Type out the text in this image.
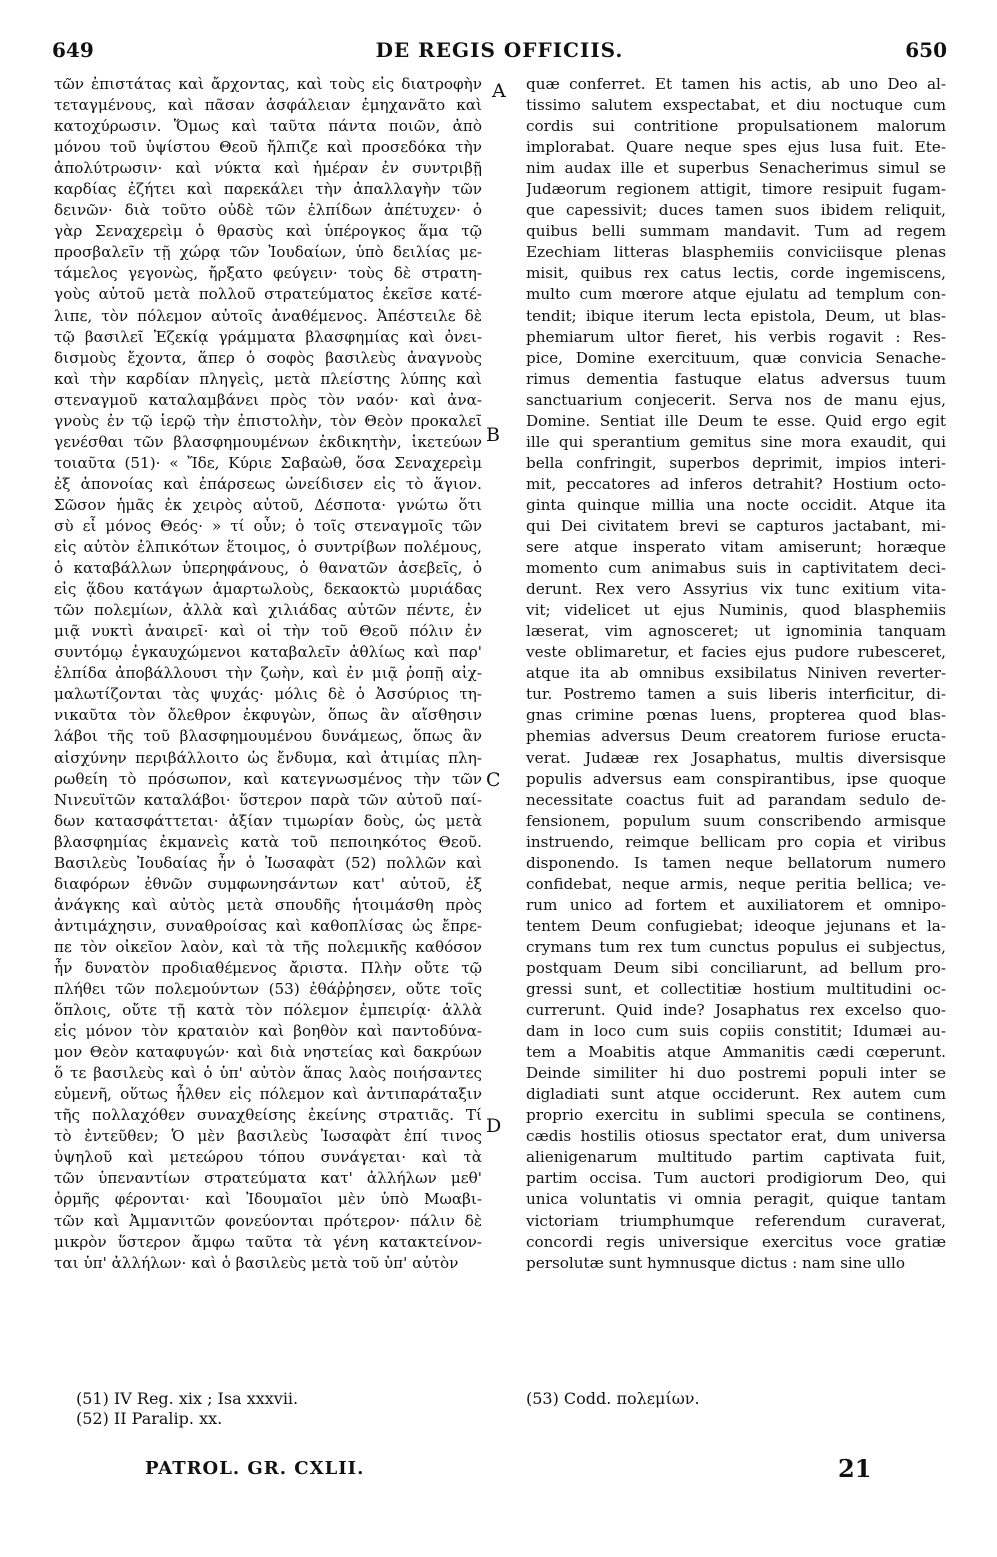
649	DE REGIS OFFICIIS.	650
τῶν ἐπιστάτας καὶ ἄρχοντας, καὶ τοὺς εἰς διατροφὴν
τεταγμένους, καὶ πᾶσαν ἀσφάλειαν ἐμηχανᾶτο καὶ
κατοχύρωσιν. Ὅμως καὶ ταῦτα πάντα ποιῶν, ἀπὸ
μόνου τοῦ ὑψίστου Θεοῦ ἤλπιζε καὶ προσεδόκα τὴν
ἀπολύτρωσιν· καὶ νύκτα καὶ ἡμέραν ἐν συντριβῇ
καρδίας ἐζήτει καὶ παρεκάλει τὴν ἀπαλλαγὴν τῶν
δεινῶν· διὰ τοῦτο οὐδὲ τῶν ἐλπίδων ἀπέτυχεν· ὁ
γὰρ Σεναχερεὶμ ὁ θρασὺς καὶ ὑπέρογκος ἅμα τῷ
προσβαλεῖν τῇ χώρᾳ τῶν Ἰουδαίων, ὑπὸ δειλίας με-
τάμελος γεγονὼς, ἤρξατο φεύγειν· τοὺς δὲ στρατη-
γοὺς αὐτοῦ μετὰ πολλοῦ στρατεύματος ἐκεῖσε κατέ-
λιπε, τὸν πόλεμον αὐτοῖς ἀναθέμενος. Ἀπέστειλε δὲ
τῷ βασιλεῖ Ἐζεκίᾳ γράμματα βλασφημίας καὶ ὀνει-
δισμοὺς ἔχοντα, ἅπερ ὁ σοφὸς βασιλεὺς ἀναγνοὺς
καὶ τὴν καρδίαν πληγεὶς, μετὰ πλείστης λύπης καὶ
στεναγμοῦ καταλαμβάνει πρὸς τὸν ναόν· καὶ ἀνα-
γνοὺς ἐν τῷ ἱερῷ τὴν ἐπιστολὴν, τὸν Θεὸν προκαλεῖ
γενέσθαι τῶν βλασφημουμένων ἐκδικητὴν, ἱκετεύων
τοιαῦτα (51)· « Ἴδε, Κύριε Σαβαὼθ, ὅσα Σεναχερεὶμ
ἐξ ἀπονοίας καὶ ἐπάρσεως ὠνείδισεν εἰς τὸ ἅγιον.
Σῶσον ἡμᾶς ἐκ χειρὸς αὐτοῦ, Δέσποτα· γνώτω ὅτι
σὺ εἶ μόνος Θεός· » τί οὖν; ὁ τοῖς στεναγμοῖς τῶν
εἰς αὐτὸν ἐλπικότων ἕτοιμος, ὁ συντρίβων πολέμους,
ὁ καταβάλλων ὑπερηφάνους, ὁ θανατῶν ἀσεβεῖς, ὁ
εἰς ᾅδου κατάγων ἁμαρτωλοὺς, δεκαοκτὼ μυριάδας
τῶν πολεμίων, ἀλλὰ καὶ χιλιάδας αὐτῶν πέντε, ἐν
μιᾷ νυκτὶ ἀναιρεῖ· καὶ οἱ τὴν τοῦ Θεοῦ πόλιν ἐν
συντόμῳ ἐγκαυχώμενοι καταβαλεῖν ἀθλίως καὶ παρ'
ἐλπίδα ἀποβάλλουσι τὴν ζωὴν, καὶ ἐν μιᾷ ῥοπῇ αἰχ-
μαλωτίζονται τὰς ψυχάς· μόλις δὲ ὁ Ἀσσύριος τη-
νικαῦτα τὸν ὄλεθρον ἐκφυγὼν, ὅπως ἂν αἴσθησιν
λάβοι τῆς τοῦ βλασφημουμένου δυνάμεως, ὅπως ἂν
αἰσχύνην περιβάλλοιτο ὡς ἔνδυμα, καὶ ἀτιμίας πλη-
ρωθείη τὸ πρόσωπον, καὶ κατεγνωσμένος τὴν τῶν
Νινευϊτῶν καταλάβοι· ὕστερον παρὰ τῶν αὐτοῦ παί-
δων κατασφάττεται· ἀξίαν τιμωρίαν δοὺς, ὡς μετὰ
βλασφημίας ἐκμανεὶς κατὰ τοῦ πεποιηκότος Θεοῦ.
Βασιλεὺς Ἰουδαίας ἦν ὁ Ἰωσαφὰτ (52) πολλῶν καὶ
διαφόρων ἐθνῶν συμφωνησάντων κατ' αὐτοῦ, ἐξ
ἀνάγκης καὶ αὐτὸς μετὰ σπουδῆς ἡτοιμάσθη πρὸς
ἀντιμάχησιν, συναθροίσας καὶ καθοπλίσας ὡς ἔπρε-
πε τὸν οἰκεῖον λαὸν, καὶ τὰ τῆς πολεμικῆς καθόσον
ἦν δυνατὸν προδιαθέμενος ἄριστα. Πλὴν οὔτε τῷ
πλήθει τῶν πολεμούντων (53) ἐθάῤῥησεν, οὔτε τοῖς
ὅπλοις, οὔτε τῇ κατὰ τὸν πόλεμον ἐμπειρίᾳ· ἀλλὰ
εἰς μόνον τὸν κραταιὸν καὶ βοηθὸν καὶ παντοδύνα-
μον Θεὸν καταφυγών· καὶ διὰ νηστείας καὶ δακρύων
ὅ τε βασιλεὺς καὶ ὁ ὑπ' αὐτὸν ἅπας λαὸς ποιήσαντες
εὐμενῆ, οὕτως ἦλθεν εἰς πόλεμον καὶ ἀντιπαράταξιν
τῆς πολλαχόθεν συναχθείσης ἐκείνης στρατιᾶς. Τί
τὸ ἐντεῦθεν; Ὁ μὲν βασιλεὺς Ἰωσαφὰτ ἐπί τινος
ὑψηλοῦ καὶ μετεώρου τόπου συνάγεται· καὶ τὰ
τῶν ὑπεναντίων στρατεύματα κατ' ἀλλήλων μεθ'
ὁρμῆς φέρονται· καὶ Ἰδουμαῖοι μὲν ὑπὸ Μωαβι-
τῶν καὶ Ἀμμανιτῶν φονεύονται πρότερον· πάλιν δὲ
μικρὸν ὕστερον ἄμφω ταῦτα τὰ γένη κατακτείνον-
ται ὑπ' ἀλλήλων· καὶ ὁ βασιλεὺς μετὰ τοῦ ὑπ' αὐτὸν
quæ conferret. Et tamen his actis, ab uno Deo al-
tissimo salutem exspectabat, et diu noctuque cum
cordis sui contritione propulsationem malorum
implorabat. Quare neque spes ejus lusa fuit. Ete-
nim audax ille et superbus Senacherimus simul se
Judæorum regionem attigit, timore resipuit fugam-
que capessivit; duces tamen suos ibidem reliquit,
quibus belli summam mandavit. Tum ad regem
Ezechiam litteras blasphemiis conviciisque plenas
misit, quibus rex catus lectis, corde ingemiscens,
multo cum mœrore atque ejulatu ad templum con-
tendit; ibique iterum lecta epistola, Deum, ut blas-
phemiarum ultor fieret, his verbis rogavit : Res-
pice, Domine exercituum, quæ convicia Senache-
rimus dementia fastuque elatus adversus tuum
sanctuarium conjecerit. Serva nos de manu ejus,
Domine. Sentiat ille Deum te esse. Quid ergo egit
ille qui sperantium gemitus sine mora exaudit, qui
bella confringit, superbos deprimit, impios interi-
mit, peccatores ad inferos detrahit? Hostium octo-
ginta quinque millia una nocte occidit. Atque ita
qui Dei civitatem brevi se capturos jactabant, mi-
sere atque insperato vitam amiserunt; horæque
momento cum animabus suis in captivitatem deci-
derunt. Rex vero Assyrius vix tunc exitium vita-
vit; videlicet ut ejus Numinis, quod blasphemiis
læserat, vim agnosceret; ut ignominia tanquam
veste oblimaretur, et facies ejus pudore rubesceret,
atque ita ab omnibus exsibilatus Niniven reverter-
tur. Postremo tamen a suis liberis interficitur, di-
gnas crimine pœnas luens, propterea quod blas-
phemias adversus Deum creatorem furiose eructa-
verat. Judææ rex Josaphatus, multis diversisque
populis adversus eam conspirantibus, ipse quoque
necessitate coactus fuit ad parandam sedulo de-
fensionem, populum suum conscribendo armisque
instruendo, reimque bellicam pro copia et viribus
disponendo. Is tamen neque bellatorum numero
confidebat, neque armis, neque peritia bellica; ve-
rum unico ad fortem et auxiliatorem et omnipo-
tentem Deum confugiebat; ideoque jejunans et la-
crymans tum rex tum cunctus populus ei subjectus,
postquam Deum sibi conciliarunt, ad bellum pro-
gressi sunt, et collectitiæ hostium multitudini oc-
currerunt. Quid inde? Josaphatus rex excelso quo-
dam in loco cum suis copiis constitit; Idumæi au-
tem a Moabitis atque Ammanitis cædi cœperunt.
Deinde similiter hi duo postremi populi inter se
digladiati sunt atque occiderunt. Rex autem cum
proprio exercitu in sublimi specula se continens,
cædis hostilis otiosus spectator erat, dum universa
alienigenarum multitudo partim captivata fuit,
partim occisa. Tum auctori prodigiorum Deo, qui
unica voluntatis vi omnia peragit, quique tantam
victoriam triumphumque referendum curaverat,
concordi regis universique exercitus voce gratiæ
persolutæ sunt hymnusque dictus : nam sine ullo
A
B
C
D
(51) IV Reg. xix ; Isa xxxvii.
(52) II Paralip. xx.
(53) Codd. πολεμίων.
PATROL. GR. CXLII.	21
